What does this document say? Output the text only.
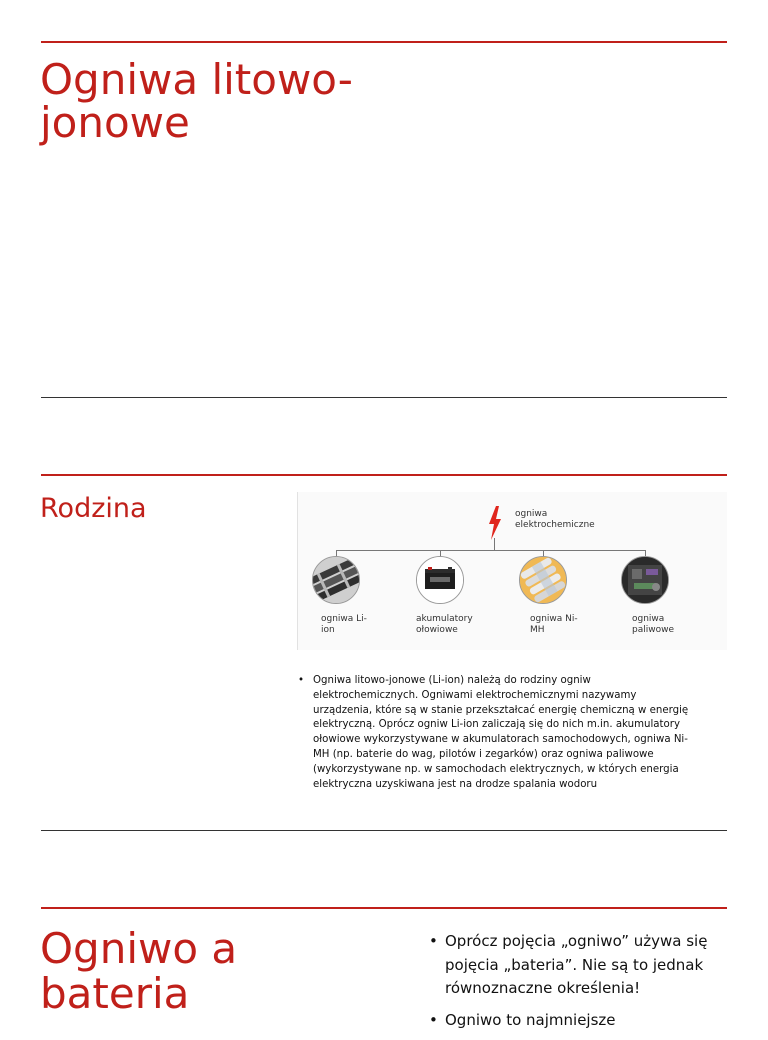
Ogniwa litowo-jonowe
Rodzina	ogniwa elektrochemiczne
ogniwa Li-ion
akumulatory ołowiowe
ogniwa Ni-MH
ogniwa paliwowe
• Ogniwa litowo-jonowe (Li-ion) należą do rodziny ogniw elektrochemicznych. Ogniwami elektrochemicznymi nazywamy urządzenia, które są w stanie przekształcać energię chemiczną w energię elektryczną. Oprócz ogniw Li-ion zaliczają się do nich m.in. akumulatory ołowiowe wykorzystywane w akumulatorach samochodowych, ogniwa Ni-MH (np. baterie do wag, pilotów i zegarków) oraz ogniwa paliwowe (wykorzystywane np. w samochodach elektrycznych, w których energia elektryczna uzyskiwana jest na drodze spalania wodoru
Ogniwo a bateria
• Oprócz pojęcia „ogniwo” używa się pojęcia „bateria”. Nie są to jednak równoznaczne określenia!
• Ogniwo to najmniejsze
